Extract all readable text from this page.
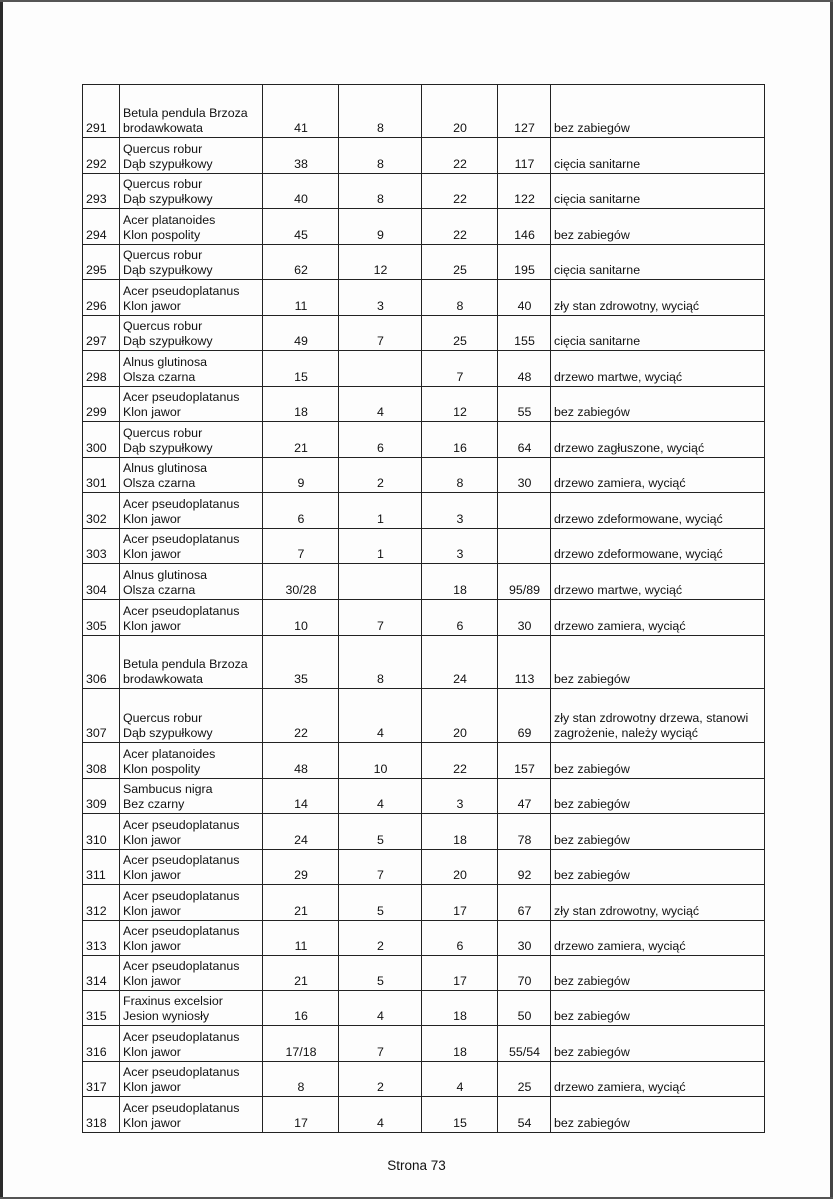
291	Betula pendula Brzoza
brodawkowata	41	8	20	127	bez zabiegów

292	Quercus robur
Dąb szypułkowy	38	8	22	117	cięcia sanitarne

293	Quercus robur
Dąb szypułkowy	40	8	22	122	cięcia sanitarne

294	Acer platanoides
Klon pospolity	45	9	22	146	bez zabiegów

295	Quercus robur
Dąb szypułkowy	62	12	25	195	cięcia sanitarne

296	Acer pseudoplatanus
Klon jawor	11	3	8	40	zły stan zdrowotny, wyciąć

297	Quercus robur
Dąb szypułkowy	49	7	25	155	cięcia sanitarne

298	Alnus glutinosa
Olsza czarna	15		7	48	drzewo martwe, wyciąć

299	Acer pseudoplatanus
Klon jawor	18	4	12	55	bez zabiegów

300	Quercus robur
Dąb szypułkowy	21	6	16	64	drzewo zagłuszone, wyciąć

301	Alnus glutinosa
Olsza czarna	9	2	8	30	drzewo zamiera, wyciąć

302	Acer pseudoplatanus
Klon jawor	6	1	3		drzewo zdeformowane, wyciąć

303	Acer pseudoplatanus
Klon jawor	7	1	3		drzewo zdeformowane, wyciąć

304	Alnus glutinosa
Olsza czarna	30/28		18	95/89	drzewo martwe, wyciąć

305	Acer pseudoplatanus
Klon jawor	10	7	6	30	drzewo zamiera, wyciąć

306	Betula pendula Brzoza
brodawkowata	35	8	24	113	bez zabiegów

307	Quercus robur
Dąb szypułkowy	22	4	20	69	zły stan zdrowotny drzewa, stanowi zagrożenie, należy wyciąć

308	Acer platanoides
Klon pospolity	48	10	22	157	bez zabiegów

309	Sambucus nigra
Bez czarny	14	4	3	47	bez zabiegów

310	Acer pseudoplatanus
Klon jawor	24	5	18	78	bez zabiegów

311	Acer pseudoplatanus
Klon jawor	29	7	20	92	bez zabiegów

312	Acer pseudoplatanus
Klon jawor	21	5	17	67	zły stan zdrowotny, wyciąć

313	Acer pseudoplatanus
Klon jawor	11	2	6	30	drzewo zamiera, wyciąć

314	Acer pseudoplatanus
Klon jawor	21	5	17	70	bez zabiegów

315	Fraxinus excelsior
Jesion wyniosły	16	4	18	50	bez zabiegów

316	Acer pseudoplatanus
Klon jawor	17/18	7	18	55/54	bez zabiegów

317	Acer pseudoplatanus
Klon jawor	8	2	4	25	drzewo zamiera, wyciąć

318	Acer pseudoplatanus
Klon jawor	17	4	15	54	bez zabiegów
Strona 73
